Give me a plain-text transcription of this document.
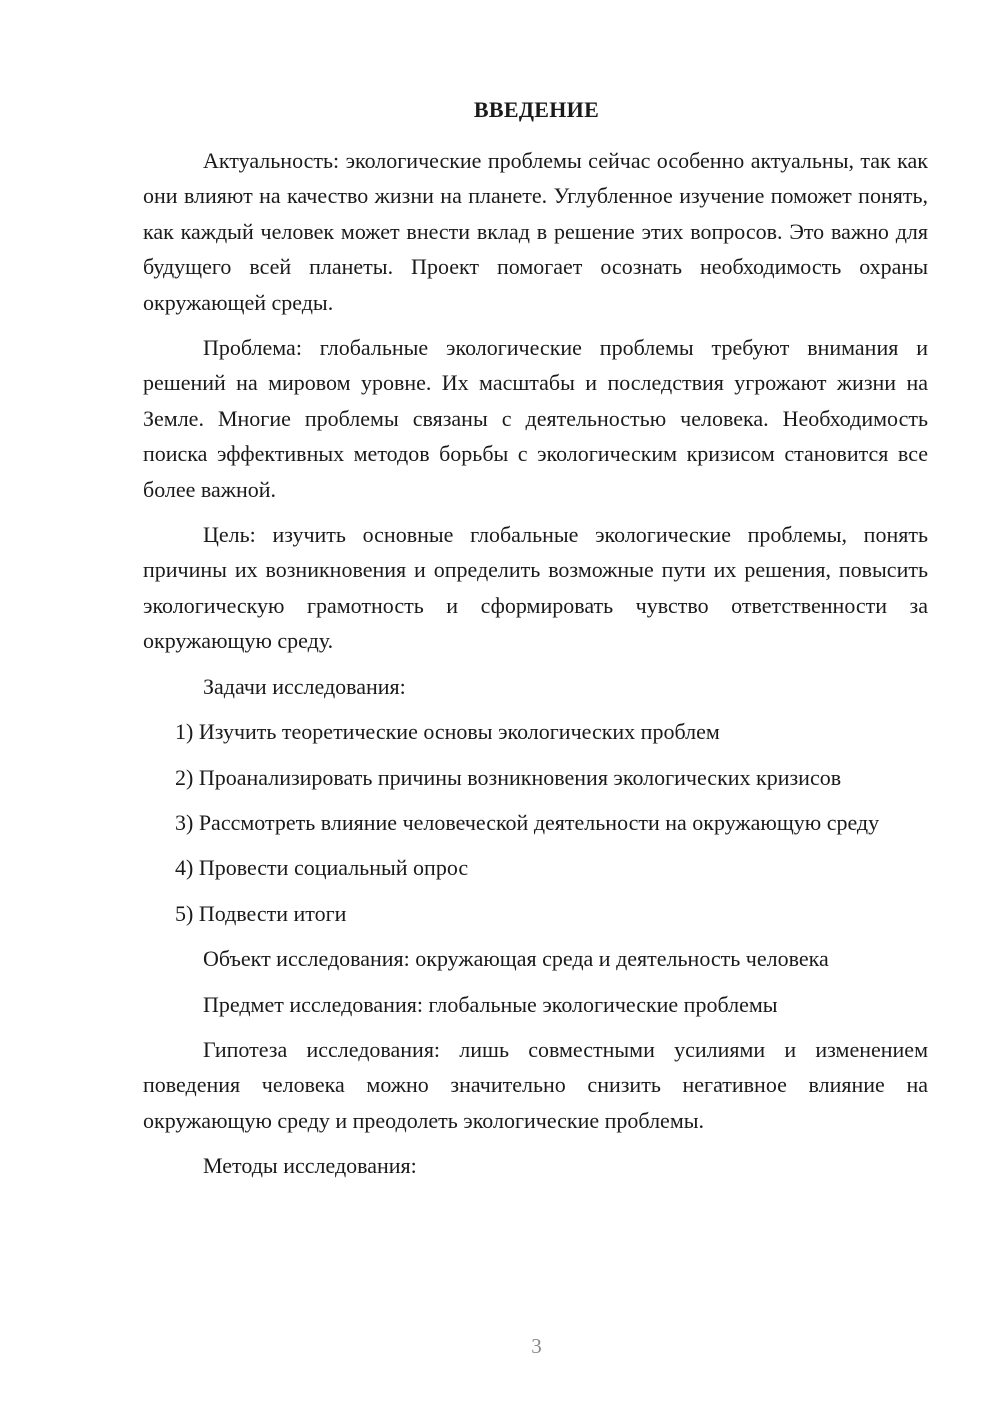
ВВЕДЕНИЕ

Актуальность: экологические проблемы сейчас особенно актуальны, так как они влияют на качество жизни на планете. Углубленное изучение поможет понять, как каждый человек может внести вклад в решение этих вопросов. Это важно для будущего всей планеты. Проект помогает осознать необходимость охраны окружающей среды.

Проблема: глобальные экологические проблемы требуют внимания и решений на мировом уровне. Их масштабы и последствия угрожают жизни на Земле. Многие проблемы связаны с деятельностью человека. Необходимость поиска эффективных методов борьбы с экологическим кризисом становится все более важной.

Цель: изучить основные глобальные экологические проблемы, понять причины их возникновения и определить возможные пути их решения, повысить экологическую грамотность и сформировать чувство ответственности за окружающую среду.

Задачи исследования:

1) Изучить теоретические основы экологических проблем

2) Проанализировать причины возникновения экологических кризисов

3) Рассмотреть влияние человеческой деятельности на окружающую среду

4) Провести социальный опрос

5) Подвести итоги

Объект исследования: окружающая среда и деятельность человека

Предмет исследования: глобальные экологические проблемы

Гипотеза исследования: лишь совместными усилиями и изменением поведения человека можно значительно снизить негативное влияние на окружающую среду и преодолеть экологические проблемы.

Методы исследования:

3
